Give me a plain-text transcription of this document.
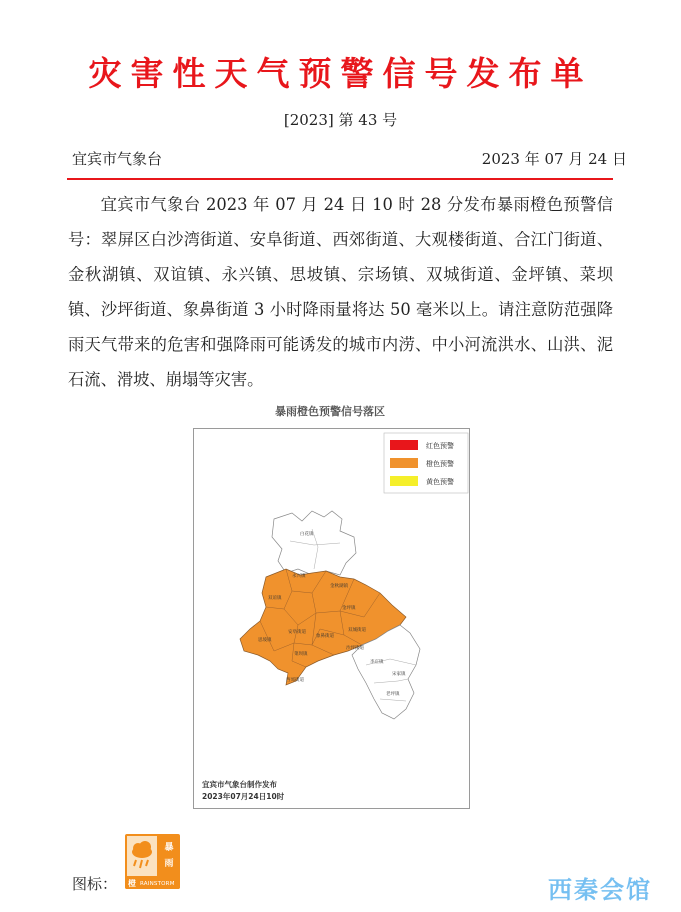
灾害性天气预警信号发布单
[2023] 第 43 号
宜宾市气象台	2023 年 07 月 24 日
宜宾市气象台 2023 年 07 月 24 日 10 时 28 分发布暴雨橙色预警信号：翠屏区白沙湾街道、安阜街道、西郊街道、大观楼街道、合江门街道、金秋湖镇、双谊镇、永兴镇、思坡镇、宗场镇、双城街道、金坪镇、菜坝镇、沙坪街道、象鼻街道 3 小时降雨量将达 50 毫米以上。请注意防范强降雨天气带来的危害和强降雨可能诱发的城市内涝、中小河流洪水、山洪、泥石流、滑坡、崩塌等灾害。
暴雨橙色预警信号落区
红色预警
橙色预警
黄色预警
白花镇
永兴镇
双谊镇
金秋湖镇
金坪镇
思坡镇
安阜街道
象鼻街道
双城街道
菜坝镇
沙坪街道
西郊街道
李庄镇
宋家镇
老坪镇
宜宾市气象台制作发布
2023年07月24日10时
图标：
暴
雨
橙 RAINSTORM	西秦会馆
